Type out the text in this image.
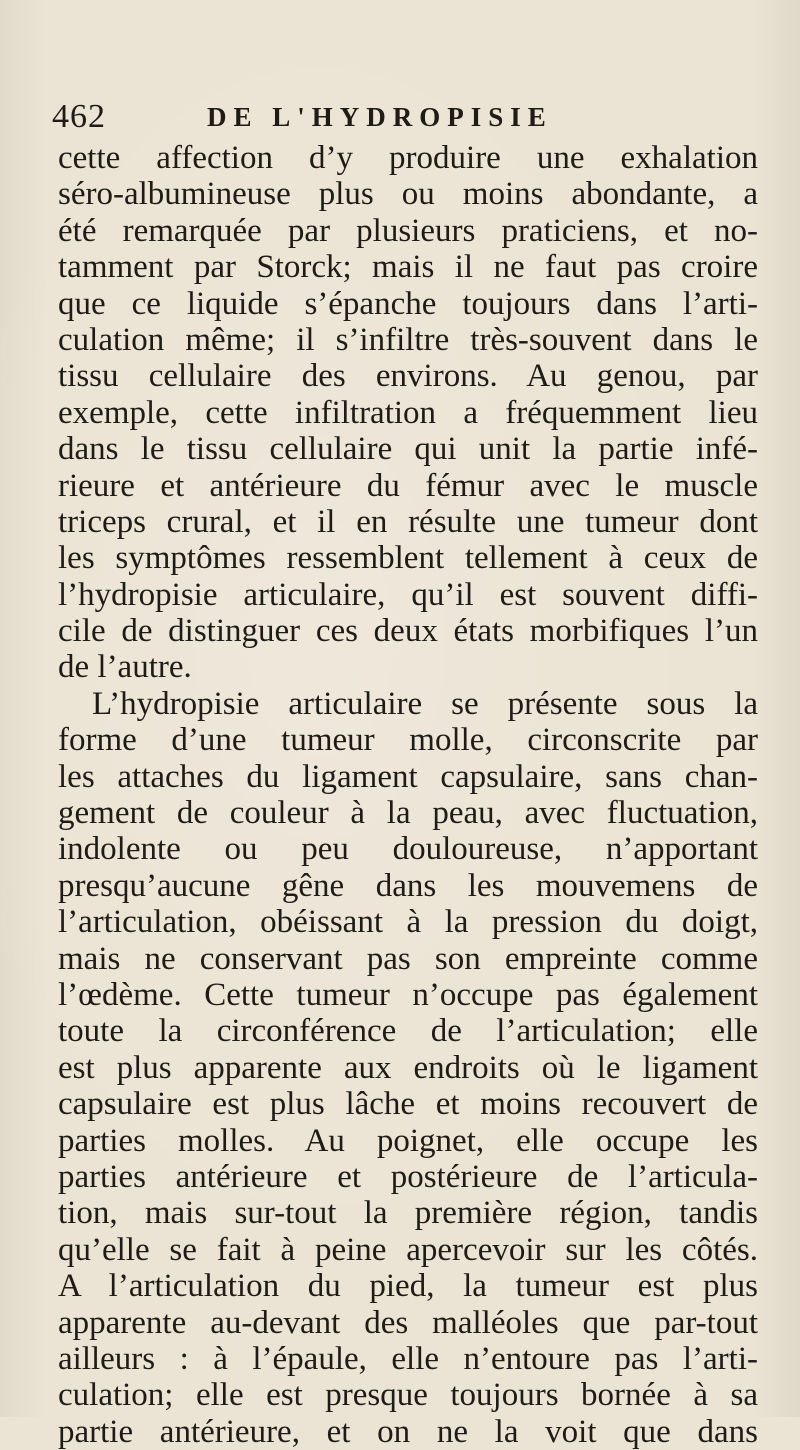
462	DE L'HYDROPISIE
cette affection d’y produire une exhalation
séro-albumineuse plus ou moins abondante, a
été remarquée par plusieurs praticiens, et no-
tamment par Storck; mais il ne faut pas croire
que ce liquide s’épanche toujours dans l’arti-
culation même; il s’infiltre très-souvent dans le
tissu cellulaire des environs. Au genou, par
exemple, cette infiltration a fréquemment lieu
dans le tissu cellulaire qui unit la partie infé-
rieure et antérieure du fémur avec le muscle
triceps crural, et il en résulte une tumeur dont
les symptômes ressemblent tellement à ceux de
l’hydropisie articulaire, qu’il est souvent diffi-
cile de distinguer ces deux états morbifiques l’un
de l’autre.
L’hydropisie articulaire se présente sous la
forme d’une tumeur molle, circonscrite par
les attaches du ligament capsulaire, sans chan-
gement de couleur à la peau, avec fluctuation,
indolente ou peu douloureuse, n’apportant
presqu’aucune gêne dans les mouvemens de
l’articulation, obéissant à la pression du doigt,
mais ne conservant pas son empreinte comme
l’œdème. Cette tumeur n’occupe pas également
toute la circonférence de l’articulation; elle
est plus apparente aux endroits où le ligament
capsulaire est plus lâche et moins recouvert de
parties molles. Au poignet, elle occupe les
parties antérieure et postérieure de l’articula-
tion, mais sur-tout la première région, tandis
qu’elle se fait à peine apercevoir sur les côtés.
A l’articulation du pied, la tumeur est plus
apparente au-devant des malléoles que par-tout
ailleurs : à l’épaule, elle n’entoure pas l’arti-
culation; elle est presque toujours bornée à sa
partie antérieure, et on ne la voit que dans
